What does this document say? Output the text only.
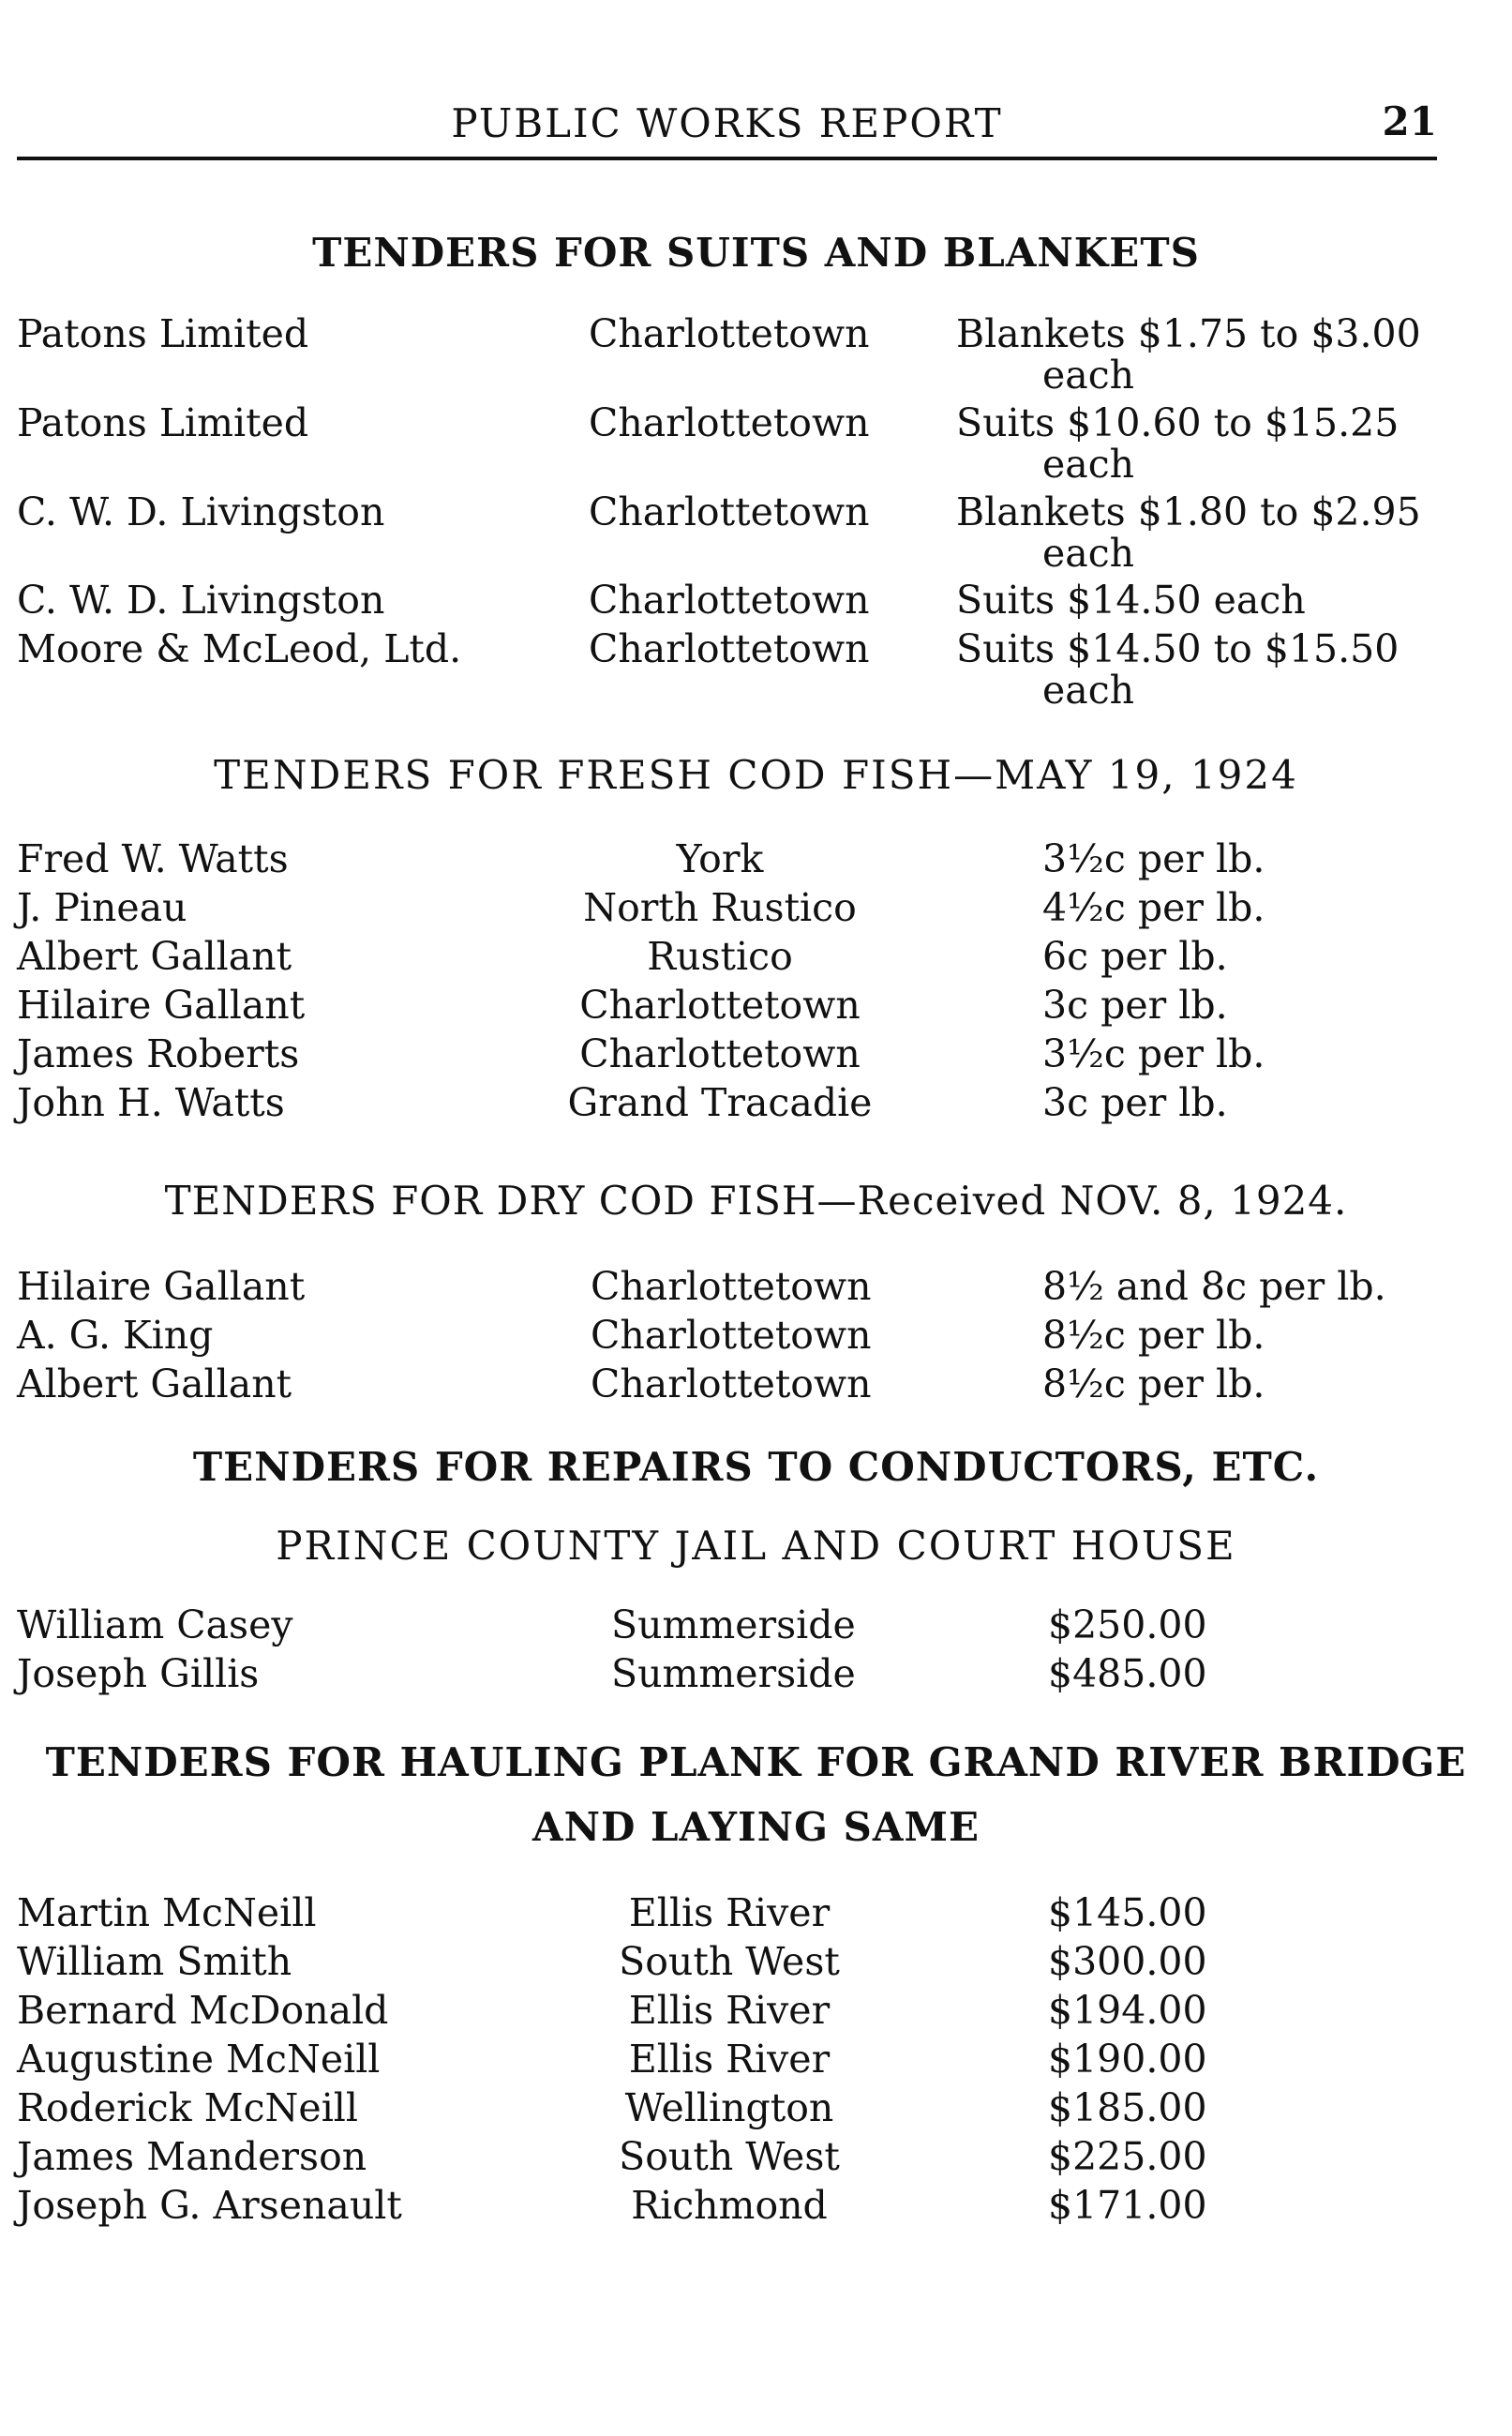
PUBLIC WORKS REPORT	21
TENDERS FOR SUITS AND BLANKETS
Patons Limited	Charlottetown Blankets $1.75 to $3.00
each
Patons Limited	Charlottetown Suits $10.60 to $15.25
each
C. W. D. Livingston	Charlottetown Blankets $1.80 to $2.95
each
C. W. D. Livingston	Charlottetown Suits $14.50 each
Moore & McLeod, Ltd.	Charlottetown Suits $14.50 to $15.50
each
TENDERS FOR FRESH COD FISH—MAY 19, 1924
Fred W. Watts	York	3½c per lb.
J. Pineau	North Rustico	4½c per lb.
Albert Gallant	Rustico	6c per lb.
Hilaire Gallant	Charlottetown	3c per lb.
James Roberts	Charlottetown	3½c per lb.
John H. Watts	Grand Tracadie	3c per lb.
TENDERS FOR DRY COD FISH—Received NOV. 8, 1924.
Hilaire Gallant	Charlottetown	8½ and 8c per lb.
A. G. King	Charlottetown	8½c per lb.
Albert Gallant	Charlottetown	8½c per lb.
TENDERS FOR REPAIRS TO CONDUCTORS, ETC.
PRINCE COUNTY JAIL AND COURT HOUSE
William Casey	Summerside	$250.00
Joseph Gillis	Summerside	$485.00
TENDERS FOR HAULING PLANK FOR GRAND RIVER BRIDGE
AND LAYING SAME
Martin McNeill	Ellis River	$145.00
William Smith	South West	$300.00
Bernard McDonald	Ellis River	$194.00
Augustine McNeill	Ellis River	$190.00
Roderick McNeill	Wellington	$185.00
James Manderson	South West	$225.00
Joseph G. Arsenault	Richmond	$171.00
